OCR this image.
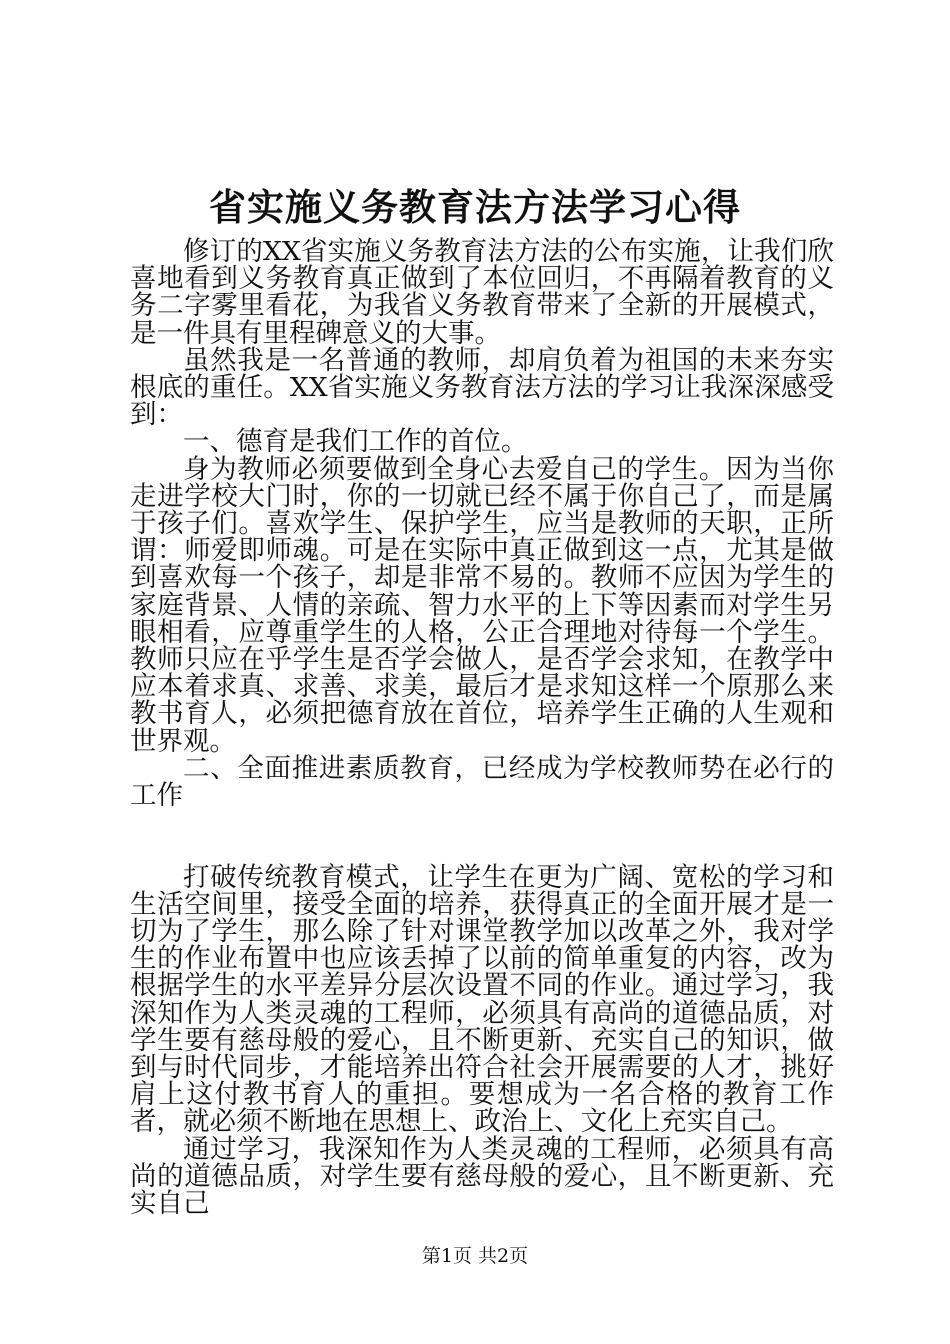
省实施义务教育法方法学习心得

修订的XX省实施义务教育法方法的公布实施，让我们欣喜地看到义务教育真正做到了本位回归，不再隔着教育的义务二字雾里看花，为我省义务教育带来了全新的开展模式，是一件具有里程碑意义的大事。

虽然我是一名普通的教师，却肩负着为祖国的未来夯实根底的重任。XX省实施义务教育法方法的学习让我深深感受到：

一、德育是我们工作的首位。

身为教师必须要做到全身心去爱自己的学生。因为当你走进学校大门时，你的一切就已经不属于你自己了，而是属于孩子们。喜欢学生、保护学生，应当是教师的天职，正所谓：师爱即师魂。可是在实际中真正做到这一点，尤其是做到喜欢每一个孩子，却是非常不易的。教师不应因为学生的家庭背景、人情的亲疏、智力水平的上下等因素而对学生另眼相看，应尊重学生的人格，公正合理地对待每一个学生。教师只应在乎学生是否学会做人，是否学会求知，在教学中应本着求真、求善、求美，最后才是求知这样一个原那么来教书育人，必须把德育放在首位，培养学生正确的人生观和世界观。

二、全面推进素质教育，已经成为学校教师势在必行的工作

打破传统教育模式，让学生在更为广阔、宽松的学习和生活空间里，接受全面的培养，获得真正的全面开展才是一切为了学生，那么除了针对课堂教学加以改革之外，我对学生的作业布置中也应该丢掉了以前的简单重复的内容，改为根据学生的水平差异分层次设置不同的作业。通过学习，我深知作为人类灵魂的工程师，必须具有高尚的道德品质，对学生要有慈母般的爱心，且不断更新、充实自己的知识，做到与时代同步，才能培养出符合社会开展需要的人才，挑好肩上这付教书育人的重担。要想成为一名合格的教育工作者，就必须不断地在思想上、政治上、文化上充实自己。

通过学习，我深知作为人类灵魂的工程师，必须具有高尚的道德品质，对学生要有慈母般的爱心，且不断更新、充实自己

第1页 共2页
